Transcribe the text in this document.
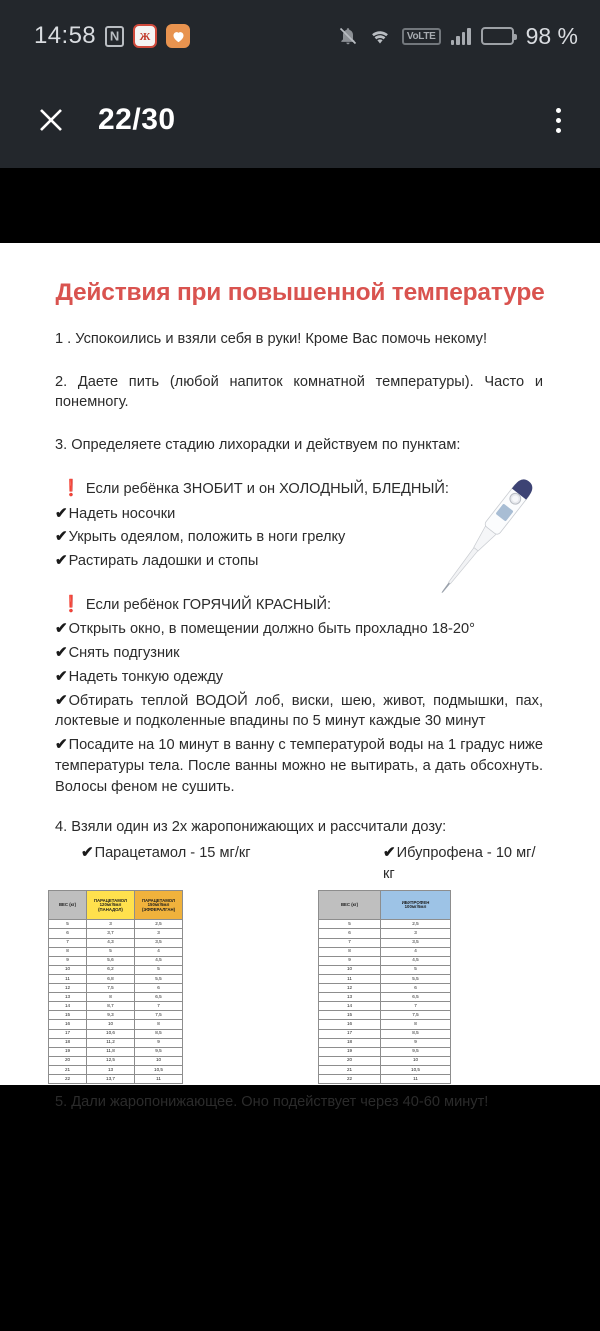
14:58 N	Ж	VoLTE	98 %
22/30
Действия при повышенной температуре
1 . Успокоились и взяли себя в руки! Кроме Вас помочь некому!
2. Даете пить (любой напиток комнатной температуры). Часто и понемногу.
3. Определяете стадию лихорадки и действуем по пунктам:
❗ Если ребёнка ЗНОБИТ и он ХОЛОДНЫЙ, БЛЕДНЫЙ:
✔Надеть носочки
✔Укрыть одеялом, положить в ноги грелку
✔Растирать ладошки и стопы
❗ Если ребёнок ГОРЯЧИЙ КРАСНЫЙ:
✔Открыть окно, в помещении должно быть прохладно 18-20°
✔Снять подгузник
✔Надеть тонкую одежду
✔Обтирать теплой ВОДОЙ лоб, виски, шею, живот, подмышки, пах, локтевые и подколенные впадины по 5 минут каждые 30 минут
✔Посадите на 10 минут в ванну с температурой воды на 1 градус ниже температуры тела. После ванны можно не вытирать, а дать обсохнуть. Волосы феном не сушить.
4. Взяли один из 2х жаропонижающих и рассчитали дозу:
✔Парацетамол - 15 мг/кг	✔Ибупрофена - 10 мг/кг
ВЕС (кг)	ПАРАЦЕТАМОЛ
120мг/5мл
(ПАНАДОЛ)	ПАРАЦЕТАМОЛ
150мг/5мл
(ЭФФЕРАЛГАН)

5	3	2,5
6	3,7	3
7	4,3	3,5
8	5	4
9	5,6	4,5
10	6,2	5
11	6,8	5,5
12	7,5	6
13	8	6,5
14	8,7	7
15	9,3	7,5
16	10	8
17	10,6	8,5
18	11,2	9
19	11,8	9,5
20	12,5	10
21	13	10,5
22	13,7	11
ВЕС (кг)	ИБУПРОФЕН
100мг/5мл

5	2,5
6	3
7	3,5
8	4
9	4,5
10	5
11	5,5
12	6
13	6,5
14	7
15	7,5
16	8
17	8,5
18	9
19	9,5
20	10
21	10,5
22	11
5. Дали жаропонижающее. Оно подействует через 40-60 минут!
